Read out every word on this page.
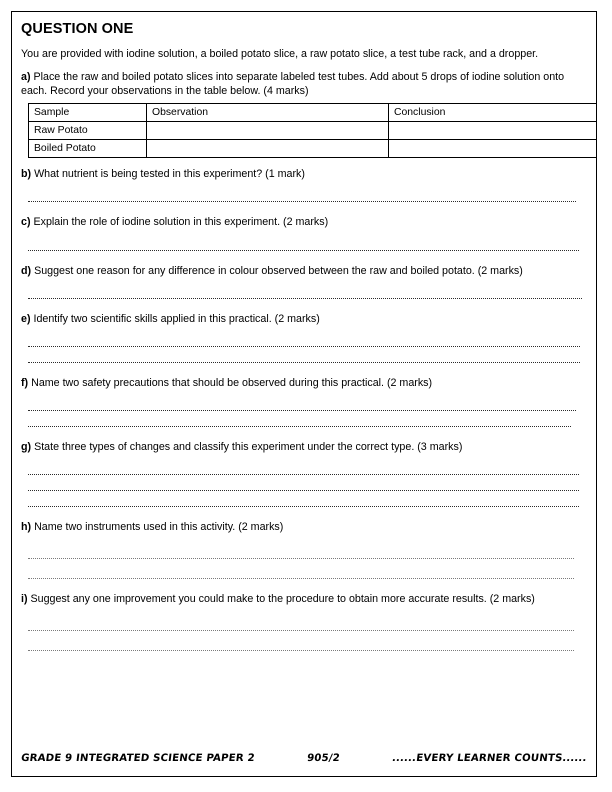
QUESTION ONE

You are provided with iodine solution, a boiled potato slice, a raw potato slice, a test tube rack, and a dropper.

a) Place the raw and boiled potato slices into separate labeled test tubes. Add about 5 drops of iodine solution onto each. Record your observations in the table below. (4 marks)

Sample	Observation	Conclusion
Raw Potato		
Boiled Potato		

b) What nutrient is being tested in this experiment? (1 mark)

c) Explain the role of iodine solution in this experiment. (2 marks)

d) Suggest one reason for any difference in colour observed between the raw and boiled potato. (2 marks)

e) Identify two scientific skills applied in this practical. (2 marks)

f) Name two safety precautions that should be observed during this practical. (2 marks)

g) State three types of changes and classify this experiment under the correct type. (3 marks)

h) Name two instruments used in this activity. (2 marks)

i) Suggest any one improvement you could make to the procedure to obtain more accurate results. (2 marks)

GRADE 9 INTEGRATED SCIENCE PAPER 2	905/2	......EVERY LEARNER COUNTS......
